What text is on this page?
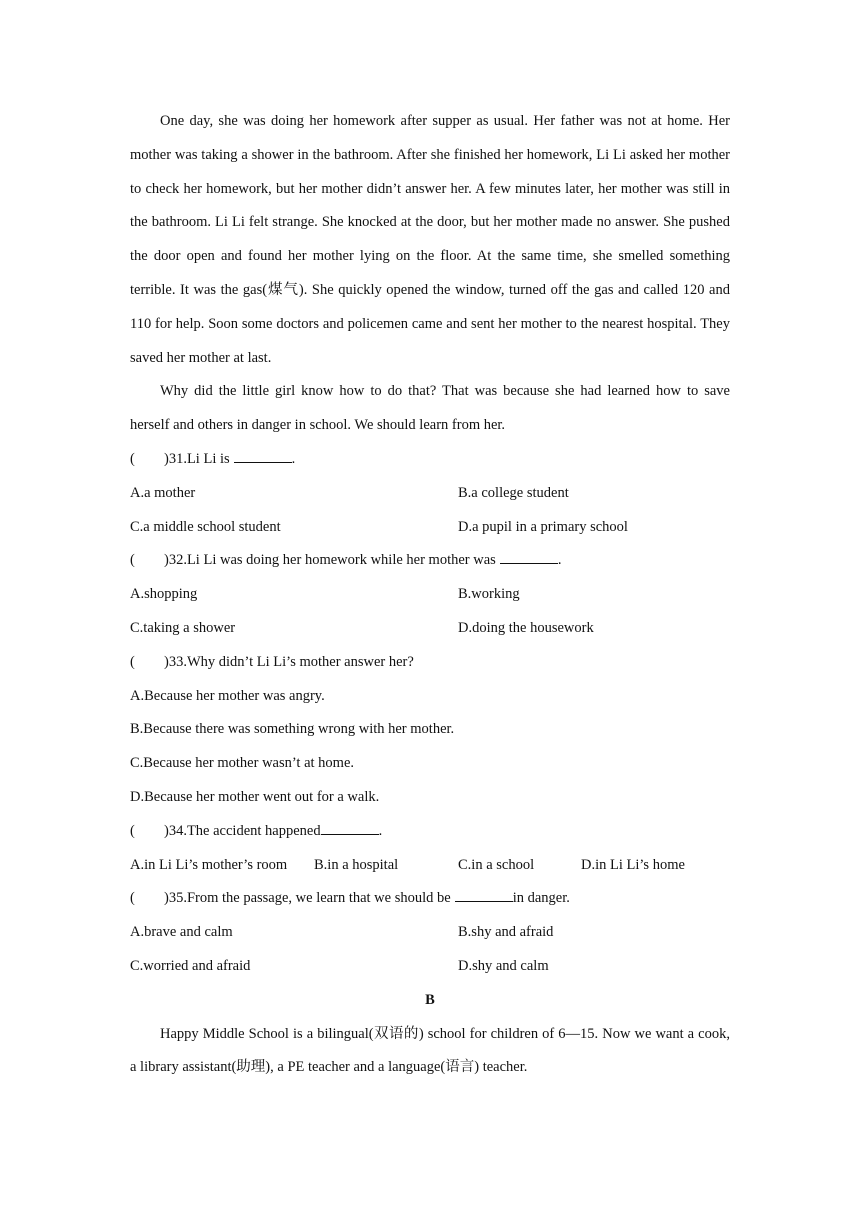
One day, she was doing her homework after supper as usual. Her father was not at home. Her mother was taking a shower in the bathroom. After she finished her homework, Li Li asked her mother to check her homework, but her mother didn’t answer her. A few minutes later, her mother was still in the bathroom. Li Li felt strange. She knocked at the door, but her mother made no answer. She pushed the door open and found her mother lying on the floor. At the same time, she smelled something terrible. It was the gas(煤气). She quickly opened the window, turned off the gas and called 120 and 110 for help. Soon some doctors and policemen came and sent her mother to the nearest hospital. They saved her mother at last.

Why did the little girl know how to do that? That was because she had learned how to save herself and others in danger in school. We should learn from her.

( )31.Li Li is	.
A.a mother	B.a college student
C.a middle school student	D.a pupil in a primary school
( )32.Li Li was doing her homework while her mother was	.
A.shopping	B.working
C.taking a shower	D.doing the housework
( )33.Why didn’t Li Li’s mother answer her?
A.Because her mother was angry.
B.Because there was something wrong with her mother.
C.Because her mother wasn’t at home.
D.Because her mother went out for a walk.
( )34.The accident happened	.
A.in Li Li’s mother’s room B.in a hospital	C.in a school	D.in Li Li’s home
( )35.From the passage, we learn that we should be	in danger.
A.brave and calm	B.shy and afraid
C.worried and afraid	D.shy and calm
B

Happy Middle School is a bilingual(双语的) school for children of 6—15. Now we want a cook, a library assistant(助理), a PE teacher and a language(语言) teacher.
